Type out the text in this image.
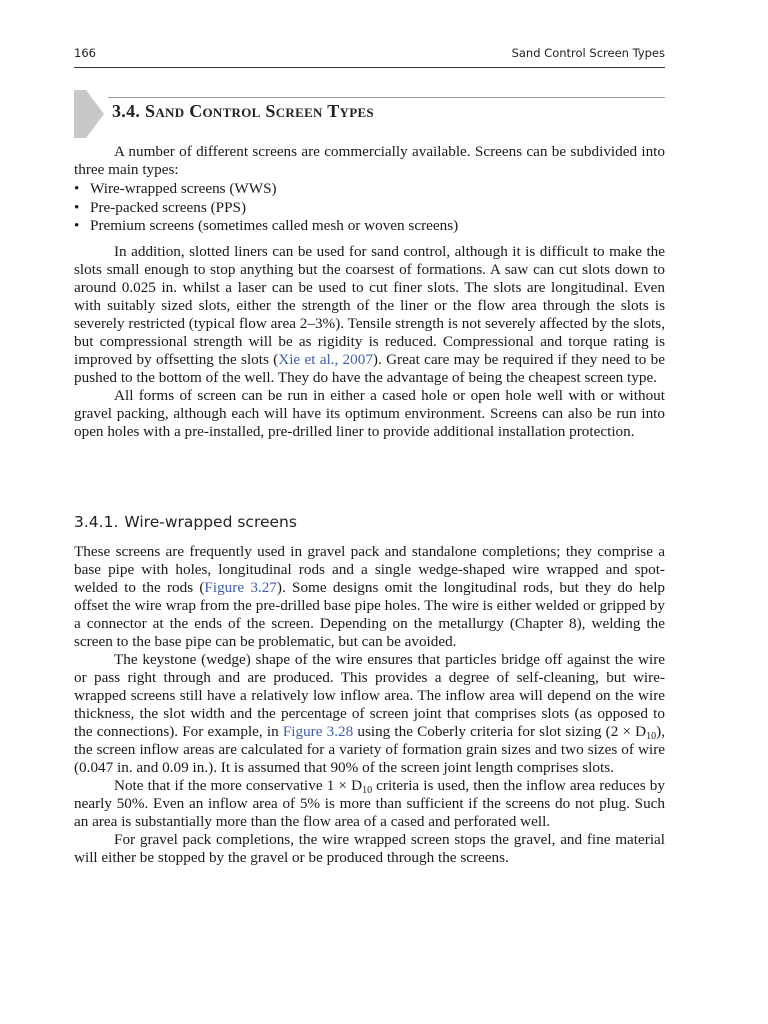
166	Sand Control Screen Types
3.4. Sand Control Screen Types

A number of different screens are commercially available. Screens can be subdivided into three main types:

• Wire-wrapped screens (WWS)
• Pre-packed screens (PPS)
• Premium screens (sometimes called mesh or woven screens)

In addition, slotted liners can be used for sand control, although it is difficult to make the slots small enough to stop anything but the coarsest of formations. A saw can cut slots down to around 0.025 in. whilst a laser can be used to cut finer slots. The slots are longitudinal. Even with suitably sized slots, either the strength of the liner or the flow area through the slots is severely restricted (typical flow area 2–3%). Tensile strength is not severely affected by the slots, but compressional strength will be as rigidity is reduced. Compressional and torque rating is improved by offsetting the slots (Xie et al., 2007). Great care may be required if they need to be pushed to the bottom of the well. They do have the advantage of being the cheapest screen type.

All forms of screen can be run in either a cased hole or open hole well with or without gravel packing, although each will have its optimum environment. Screens can also be run into open holes with a pre-installed, pre-drilled liner to provide additional installation protection.

3.4.1. Wire-wrapped screens

These screens are frequently used in gravel pack and standalone completions; they comprise a base pipe with holes, longitudinal rods and a single wedge-shaped wire wrapped and spot-welded to the rods (Figure 3.27). Some designs omit the longitudinal rods, but they do help offset the wire wrap from the pre-drilled base pipe holes. The wire is either welded or gripped by a connector at the ends of the screen. Depending on the metallurgy (Chapter 8), welding the screen to the base pipe can be problematic, but can be avoided.

The keystone (wedge) shape of the wire ensures that particles bridge off against the wire or pass right through and are produced. This provides a degree of self-cleaning, but wire-wrapped screens still have a relatively low inflow area. The inflow area will depend on the wire thickness, the slot width and the percentage of screen joint that comprises slots (as opposed to the connections). For example, in Figure 3.28 using the Coberly criteria for slot sizing $(2 \times D_{10})$, the screen inflow areas are calculated for a variety of formation grain sizes and two sizes of wire (0.047 in. and 0.09 in.). It is assumed that 90% of the screen joint length comprises slots.

Note that if the more conservative $1 \times D_{10}$ criteria is used, then the inflow area reduces by nearly 50%. Even an inflow area of 5% is more than sufficient if the screens do not plug. Such an area is substantially more than the flow area of a cased and perforated well.

For gravel pack completions, the wire wrapped screen stops the gravel, and fine material will either be stopped by the gravel or be produced through the screens.
